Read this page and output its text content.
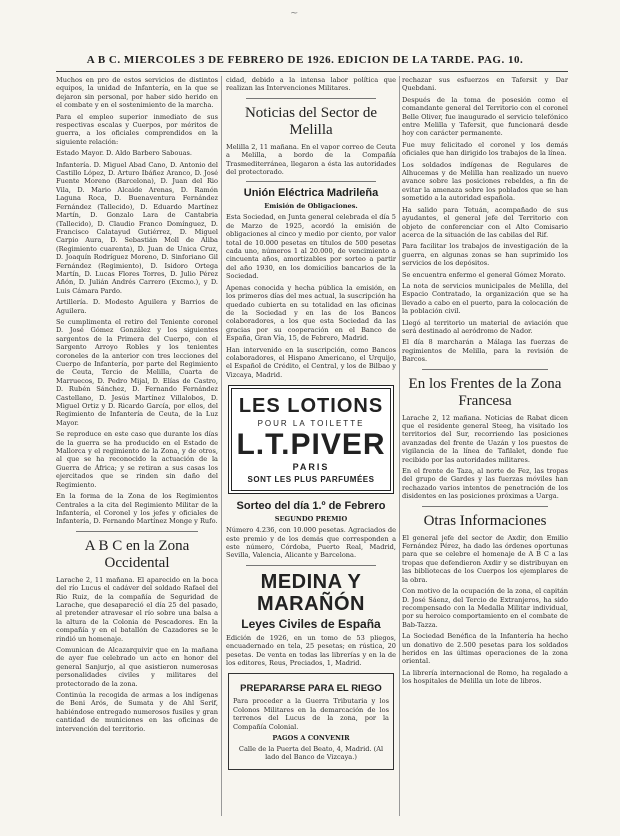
~
A B C. MIERCOLES 3 DE FEBRERO DE 1926. EDICION DE LA TARDE. PAG. 10.

Muchos en pro de estos servicios de distintos equipos, la unidad de Infantería, en la que se dejaron sin personal, por haber sido herido en el combate y en el sostenimiento de la marcha.

Para el empleo superior inmediato de sus respectivas escalas y Cuerpos, por méritos de guerra, a los oficiales comprendidos en la siguiente relación:

Estado Mayor. D. Aldo Barbero Sabouas.

Infantería. D. Miguel Abad Cano, D. Antonio del Castillo López, D. Arturo Ibáñez Aranco, D. José Fuente Moreno (Barcelona), D. Juan del Rio Vila, D. Mario Alcaide Arenas, D. Ramón Laguna Roca, D. Buenaventura Fernández Fernández (Tallecido), D. Eduardo Martínez Martín, D. Gonzalo Lara de Cantabria (Tallecido), D. Claudio Franco Domínguez, D. Francisco Calatayud Gutiérrez, D. Miguel Carpio Aura, D. Sebastián Moll de Aliba (Regimiento cuarenta), D. Juan de Unica Cruz, D. Joaquín Rodríguez Moreno, D. Sinforiano Gil Fernández (Regimiento), D. Isidoro Ortega Martín, D. Lucas Flores Torres, D. Julio Pérez Añón, D. Julián Andrés Carrero (Excmo.), y D. Luis Cámara Pardo.

Artillería. D. Modesto Aguilera y Barrios de Aguilera.

Se cumplimenta el retiro del Teniente coronel D. José Gómez González y los siguientes sargentos de la Primera del Cuerpo, con el Sargento Arroyo Robles y los tenientes coroneles de la anterior con tres lecciones del Cuerpo de Infantería, por parte del Regimiento de Ceuta, Tercio de Melilla, Cuarta de Marruecos, D. Pedro Mijal, D. Elías de Castro, D. Rubén Sánchez, D. Fernando Fernández Castellano, D. Jesús Martínez Villalobos, D. Miguel Ortiz y D. Ricardo García, por ellos, del Regimiento de Infantería de Ceuta, de la Luz Mayor.

Se reproduce en este caso que durante los días de la guerra se ha producido en el Estado de Mallorca y el regimiento de la Zona, y de otros, al que se ha reconocido la actuación de la Guerra de África; y se retiran a sus casas los ejercitados que se rinden sin daño del Regimiento.

En la forma de la Zona de los Regimientos Centrales a la cita del Regimiento Militar de la Infantería, el Coronel y los jefes y oficiales de Infantería, D. Fernando Martínez Monge y Rufo.

A B C en la Zona Occidental

Larache 2, 11 mañana. El aparecido en la boca del río Lucus el cadáver del soldado Rafael del Rio Ruiz, de la compañía de Seguridad de Larache, que desapareció el día 25 del pasado, al pretender atravesar el río sobre una balsa a la altura de la Colonia de Pescadores. En la compañía y en el batallón de Cazadores se le rindió un homenaje.

Comunican de Alcazarquivir que en la mañana de ayer fue celebrado un acto en honor del general Sanjurjo, al que asistieron numerosas personalidades civiles y militares del protectorado de la zona.

Continúa la recogida de armas a los indígenas de Beni Arós, de Sumata y de Ahl Serif, habiéndose entregado numerosos fusiles y gran cantidad de municiones en las oficinas de intervención del territorio.

cidad, debido a la intensa labor política que realizan las Intervenciones Militares.

Noticias del Sector de Melilla

Melilla 2, 11 mañana. En el vapor correo de Ceuta a Melilla, a bordo de la Compañía Trasmediterránea, llegaron a ésta las autoridades del protectorado.

Unión Eléctrica Madrileña
Emisión de Obligaciones.

Esta Sociedad, en Junta general celebrada el día 5 de Marzo de 1925, acordó la emisión de obligaciones al cinco y medio por ciento, por valor total de 10.000 pesetas en títulos de 500 pesetas cada uno, números 1 al 20.000, de vencimiento a cincuenta años, amortizables por sorteo a partir del año 1930, en los domicilios bancarios de la Sociedad.

Apenas conocida y hecha pública la emisión, en los primeros días del mes actual, la suscripción ha quedado cubierta en su totalidad en las oficinas de la Sociedad y en las de los Bancos colaboradores, a los que esta Sociedad da las gracias por su cooperación en el Banco de España, Gran Vía, 15, de Febrero, Madrid.

Han intervenido en la suscripción, como Bancos colaboradores, el Hispano Americano, el Urquijo, el Español de Crédito, el Central, y los de Bilbao y Vizcaya, Madrid.

LES LOTIONS
POUR LA TOILETTE
L.T.PIVER
PARIS
SONT LES PLUS PARFUMÉES
Sorteo del día 1.º de Febrero
SEGUNDO PREMIO

Número 4.236, con 10.000 pesetas. Agraciados de este premio y de los demás que corresponden a este número, Córdoba, Puerto Real, Madrid, Sevilla, Valencia, Alicante y Barcelona.

MEDINA Y MARAÑÓN
Leyes Civiles de España

Edición de 1926, en un tomo de 53 pliegos, encuadernado en tela, 25 pesetas; en rústica, 20 pesetas. De venta en todas las librerías y en la de los editores, Reus, Preciados, 1, Madrid.

PREPARARSE PARA EL RIEGO

Para proceder a la Guerra Tributaria y los Colonos Militares en la demarcación de los terrenos del Lucus de la zona, por la Compañía Colonial.

PAGOS A CONVENIR

Calle de la Puerta del Beato, 4, Madrid. (Al lado del Banco de Vizcaya.)

rechazar sus esfuerzos en Tafersit y Dar Quebdani.

Después de la toma de posesión como el comandante general del Territorio con el coronel Belle Oliver, fue inaugurado el servicio telefónico entre Melilla y Tafersit, que funcionará desde hoy con carácter permanente.

Fue muy felicitado el coronel y los demás oficiales que han dirigido los trabajos de la línea.

Los soldados indígenas de Regulares de Alhucemas y de Melilla han realizado un nuevo avance sobre las posiciones rebeldes, a fin de evitar la amenaza sobre los poblados que se han sometido a la autoridad española.

Ha salido para Tetuán, acompañado de sus ayudantes, el general jefe del Territorio con objeto de conferenciar con el Alto Comisario acerca de la situación de las cabilas del Rif.

Para facilitar los trabajos de investigación de la guerra, en algunas zonas se han suprimido los servicios de los depósitos.

Se encuentra enfermo el general Gómez Morato.

La nota de servicios municipales de Melilla, del Espacio Contratado, la organización que se ha llevado a cabo en el puerto, para la colocación de la población civil.

Llegó al territorio un material de aviación que será destinado al aeródromo de Nador.

El día 8 marcharán a Málaga las fuerzas de regimientos de Melilla, para la revisión de Barcos.

En los Frentes de la Zona Francesa

Larache 2, 12 mañana. Noticias de Rabat dicen que el residente general Steeg, ha visitado los territorios del Sur, recorriendo las posiciones avanzadas del frente de Uazán y los puestos de vigilancia de la línea de Tafilalet, donde fue recibido por las autoridades militares.

En el frente de Taza, al norte de Fez, las tropas del grupo de Gardes y las fuerzas móviles han rechazado varios intentos de penetración de los disidentes en las posiciones próximas a Uarga.

Otras Informaciones

El general jefe del sector de Axdir, don Emilio Fernández Pérez, ha dado las órdenes oportunas para que se celebre el homenaje de A B C a las tropas que defendieron Axdir y se distribuyan en las bibliotecas de los Cuerpos los ejemplares de la obra.

Con motivo de la ocupación de la zona, el capitán D. José Sáenz, del Tercio de Extranjeros, ha sido recompensado con la Medalla Militar individual, por su heroico comportamiento en el combate de Bab-Tazza.

La Sociedad Benéfica de la Infantería ha hecho un donativo de 2.500 pesetas para los soldados heridos en las últimas operaciones de la zona oriental.

La librería internacional de Romo, ha regalado a los hospitales de Melilla un lote de libros.
